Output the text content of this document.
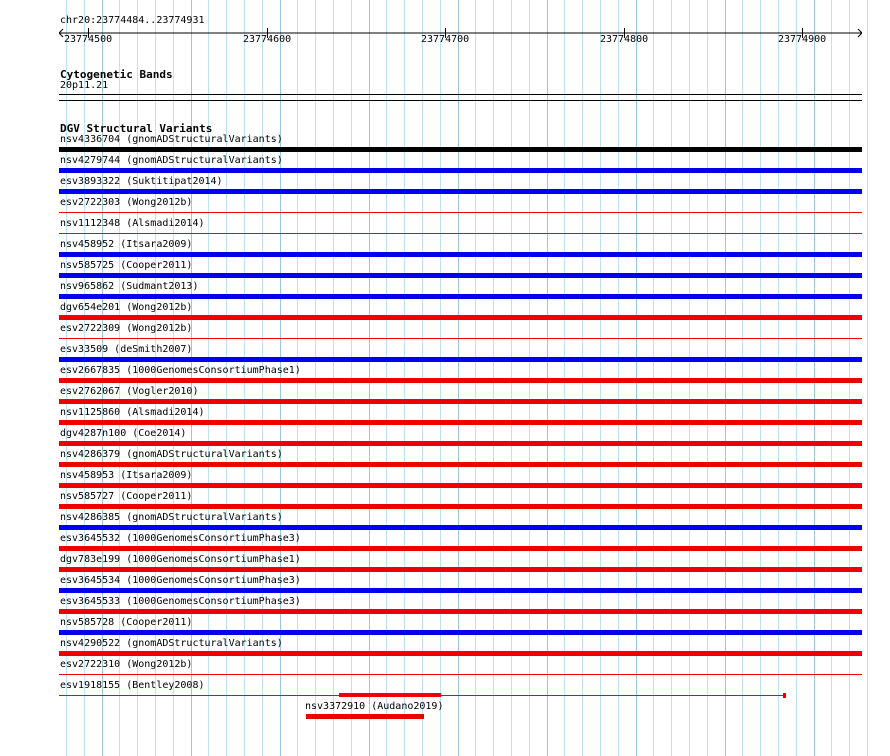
chr20:23774484..23774931
23774500	23774600	23774700	23774800	23774900
Cytogenetic Bands
20p11.21
DGV Structural Variants
nsv4336704 (gnomADStructuralVariants)
nsv4279744 (gnomADStructuralVariants)
esv3893322 (Suktitipat2014)
esv2722303 (Wong2012b)
nsv1112348 (Alsmadi2014)
nsv458952 (Itsara2009)
nsv585725 (Cooper2011)
nsv965862 (Sudmant2013)
dgv654e201 (Wong2012b)
esv2722309 (Wong2012b)
esv33509 (deSmith2007)
esv2667835 (1000GenomesConsortiumPhase1)
esv2762067 (Vogler2010)
nsv1125860 (Alsmadi2014)
dgv4287n100 (Coe2014)
nsv4286379 (gnomADStructuralVariants)
nsv458953 (Itsara2009)
nsv585727 (Cooper2011)
nsv4286385 (gnomADStructuralVariants)
esv3645532 (1000GenomesConsortiumPhase3)
dgv783e199 (1000GenomesConsortiumPhase1)
esv3645534 (1000GenomesConsortiumPhase3)
esv3645533 (1000GenomesConsortiumPhase3)
nsv585728 (Cooper2011)
nsv4290522 (gnomADStructuralVariants)
esv2722310 (Wong2012b)
esv1918155 (Bentley2008)
nsv3372910 (Audano2019)
